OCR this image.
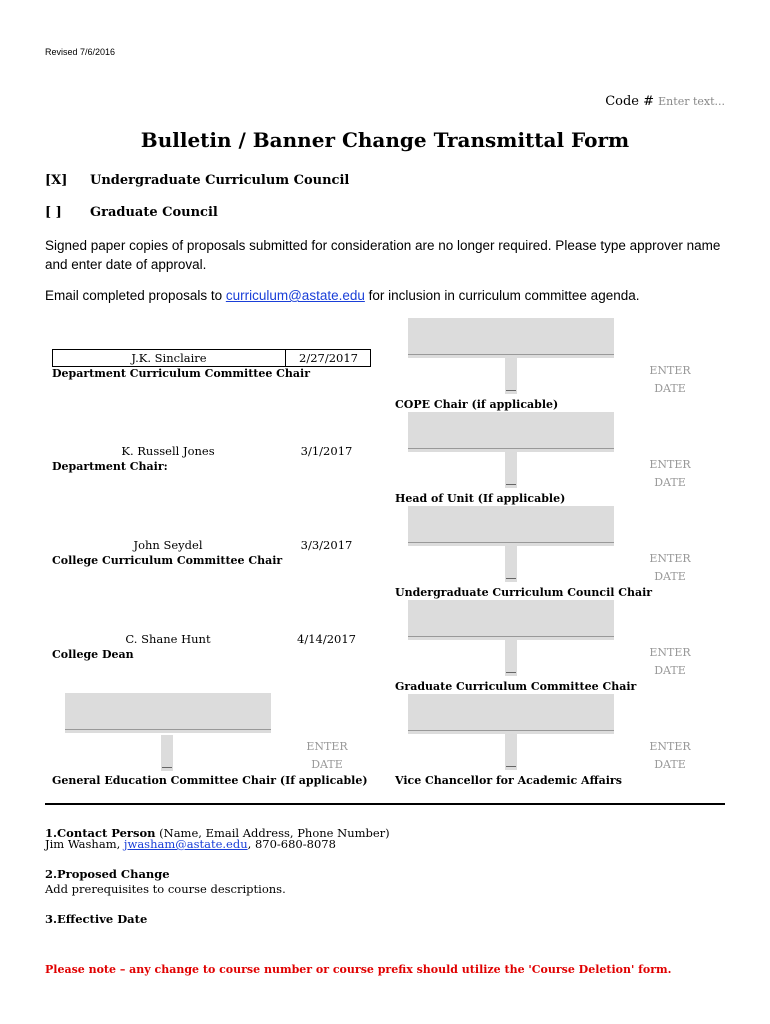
Revised 7/6/2016
Code # Enter text...
Bulletin / Banner Change Transmittal Form
[X] Undergraduate Curriculum Council
[ ] Graduate Council
Signed paper copies of proposals submitted for consideration are no longer required. Please type approver name and enter date of approval.
Email completed proposals to curriculum@astate.edu for inclusion in curriculum committee agenda.
J.K. Sinclaire	2/27/2017
Department Curriculum Committee Chair
K. Russell Jones	3/1/2017
Department Chair:
John Seydel	3/3/2017
College Curriculum Committee Chair
C. Shane Hunt	4/14/2017
College Dean
ENTER
DATE
General Education Committee Chair (If applicable)
ENTER
DATE
COPE Chair (if applicable)
ENTER
DATE
Head of Unit (If applicable)
ENTER
DATE
Undergraduate Curriculum Council Chair
ENTER
DATE
Graduate Curriculum Committee Chair
ENTER
DATE
Vice Chancellor for Academic Affairs
1.Contact Person (Name, Email Address, Phone Number)
Jim Washam, jwasham@astate.edu, 870-680-8078
2.Proposed Change
Add prerequisites to course descriptions.
3.Effective Date
Please note – any change to course number or course prefix should utilize the 'Course Deletion' form.
